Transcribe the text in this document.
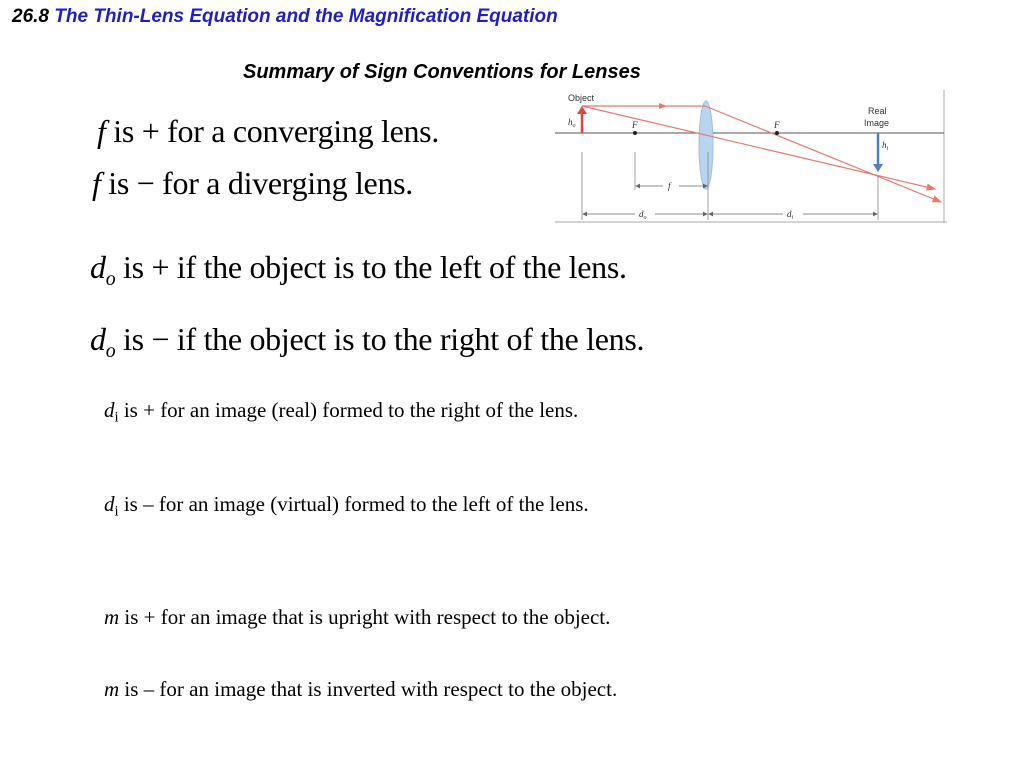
26.8 The Thin-Lens Equation and the Magnification Equation
Summary of Sign Conventions for Lenses
f is + for a converging lens.
f is − for a diverging lens.
$d_o$ is + if the object is to the left of the lens.
$d_o$ is − if the object is to the right of the lens.
$d_i$ is + for an image (real) formed to the right of the lens.
$d_i$ is – for an image (virtual) formed to the left of the lens.
m is + for an image that is upright with respect to the object.
m is – for an image that is inverted with respect to the object.
Object
Real
Image
$h_o$
$h_i$
F	F
f
$d_o$	$d_i$
